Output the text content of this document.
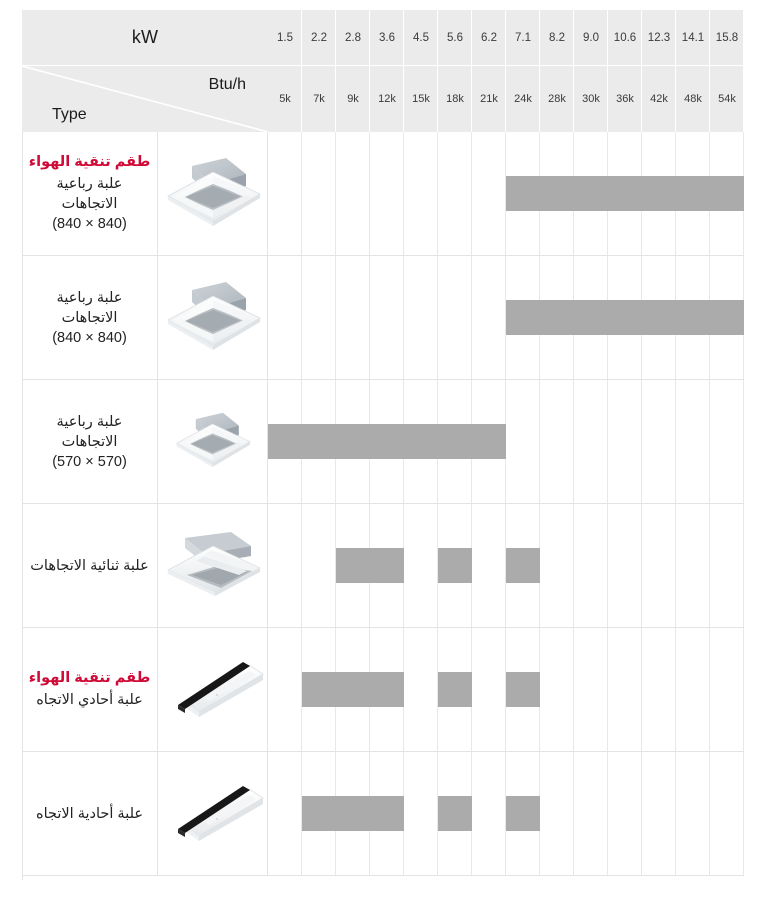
kW
Btu/h
Type
1.5
5k
2.2
7k
2.8
9k
3.6
12k
4.5
15k
5.6
18k
6.2
21k
7.1
24k
8.2
28k
9.0
30k
10.6
36k
12.3
42k
14.1
48k
15.8
54k
طقم تنقية الهواء
علبة رباعية الاتجاهات
(840 × 840)
علبة رباعية الاتجاهات
(840 × 840)
علبة رباعية الاتجاهات
(570 × 570)
علبة ثنائية الاتجاهات
طقم تنقية الهواء
علبة أحادي الاتجاه
علبة أحادية الاتجاه
